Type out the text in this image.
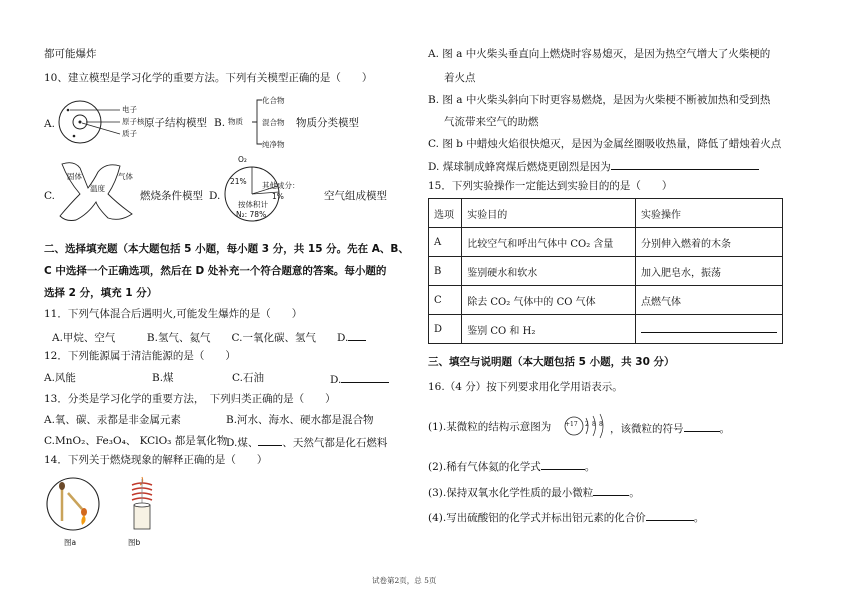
都可能爆炸
10、建立模型是学习化学的重要方法。下列有关模型正确的是（　　）
A.
电子
原子核
质子
原子结构模型 B. 物质
化合物
混合物
纯净物
物质分类模型
C.
固体
温度
气体
燃烧条件模型 D.
O₂
21% 其他成分：
1%
按体积计
N₂: 78%
空气组成模型
二、选择填充题（本大题包括 5 小题，每小题 3 分，共 15 分。先在 A、B、
C 中选择一个正确选项，然后在 D 处补充一个符合题意的答案。每小题的
选择 2 分，填充 1 分）
11．下列气体混合后遇明火,可能发生爆炸的是（　　）
A.甲烷、空气　　　B.氢气、氦气　　C.一氧化碳、氢气　　D.
12．下列能源属于清洁能源的是（　　）
A.风能	B.煤	C.石油	D.
13．分类是学习化学的重要方法，　下列归类正确的是（　　）
A.氧、碳、汞都是非金属元素	B.河水、海水、硬水都是混合物
C.MnO₂、Fe₃O₄、 KClO₃ 都是氧化物
D.煤、 、天然气都是化石燃料
14．下列关于燃烧现象的解释正确的是（　　）
图a	图b
A. 图 a 中火柴头垂直向上燃烧时容易熄灭，是因为热空气增大了火柴梗的
着火点
B. 图 a 中火柴头斜向下时更容易燃烧，是因为火柴梗不断被加热和受到热
气流带来空气的助燃
C. 图 b 中蜡烛火焰很快熄灭，是因为金属丝圈吸收热量，降低了蜡烛着火点
D. 煤球制成蜂窝煤后燃烧更剧烈是因为
15．下列实验操作一定能达到实验目的的是（　　）
选项	实验目的	实验操作
A	比较空气和呼出气体中 CO₂ 含量	分别伸入燃着的木条
B	鉴别硬水和软水	加入肥皂水，振荡
C	除去 CO₂ 气体中的 CO 气体	点燃气体
D	鉴别 CO 和 H₂	
三、填空与说明题（本大题包括 5 小题，共 30 分）
16.（4 分）按下列要求用化学用语表示。
(1).某微粒的结构示意图为 +17 2 8 8 ，该微粒的符号	。
(2).稀有气体氦的化学式	。
(3).保持双氧水化学性质的最小微粒	。
(4).写出硫酸铝的化学式并标出铝元素的化合价	。
试卷第2页，总 5页
